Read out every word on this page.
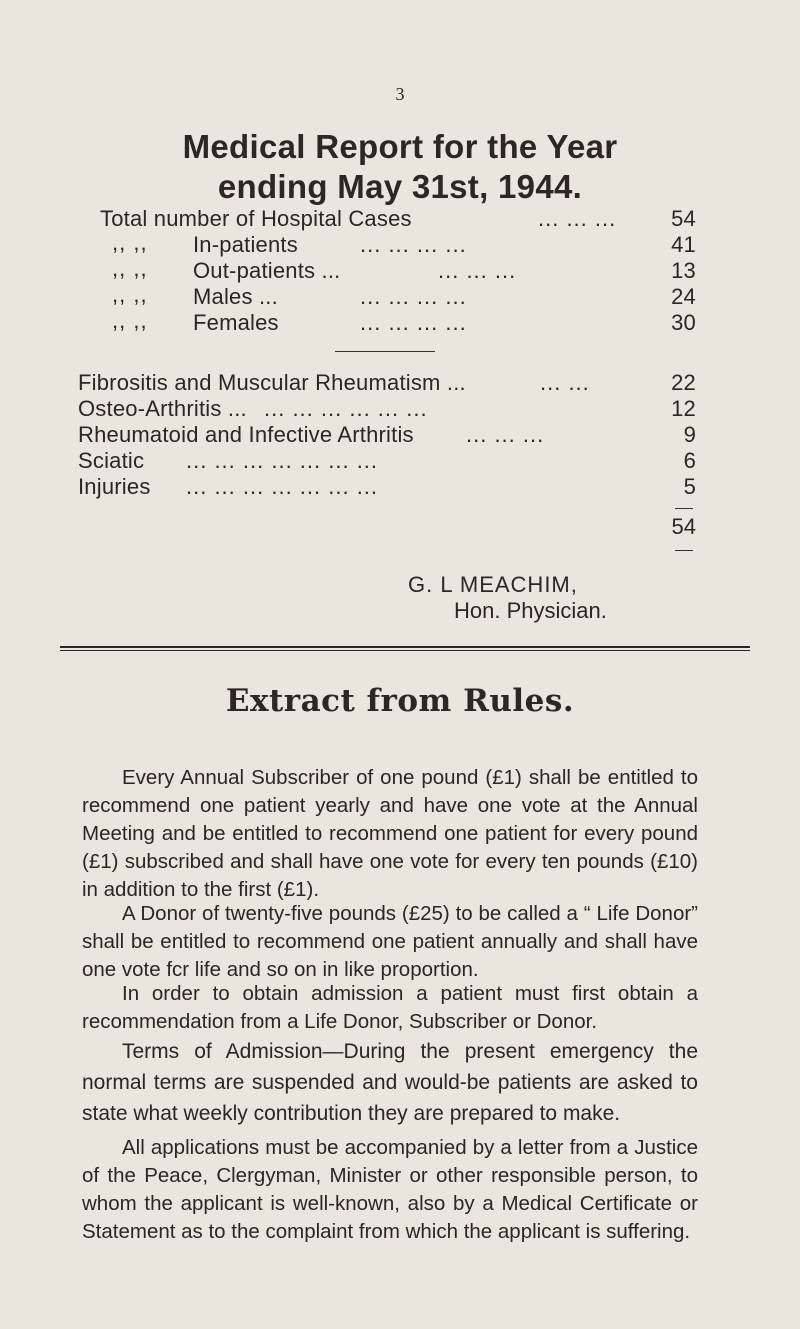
3
Medical Report for the Year
ending May 31st, 1944.
Total number of Hospital Cases	... ... ... 54
,, ,, In-patients	... ... ... ...	41
,, ,, Out-patients ...	... ... ...	13
,, ,, Males ...	... ... ... ...	24
,, ,, Females	... ... ... ...	30
Fibrositis and Muscular Rheumatism ...	... ...	22
Osteo-Arthritis ... ... ... ... ... ... ...	12
Rheumatoid and Infective Arthritis ... ... ...	9
Sciatic ... ... ... ... ... ... ...	6
Injuries ... ... ... ... ... ... ...	5
54
G. L MEACHIM,
Hon. Physician.
Extract from Rules.
Every Annual Subscriber of one pound (£1) shall be entitled to recommend one patient yearly and have one vote at the Annual Meeting and be entitled to recommend one patient for every pound (£1) subscribed and shall have one vote for every ten pounds (£10) in addition to the first (£1).
A Donor of twenty-five pounds (£25) to be called a “ Life Donor” shall be entitled to recommend one patient annually and shall have one vote fcr life and so on in like proportion.
In order to obtain admission a patient must first obtain a recommendation from a Life Donor, Subscriber or Donor.
Terms of Admission—During the present emergency the normal terms are suspended and would-be patients are asked to state what weekly contribution they are prepared to make.
All applications must be accompanied by a letter from a Justice of the Peace, Clergyman, Minister or other responsible person, to whom the applicant is well-known, also by a Medical Certificate or Statement as to the complaint from which the applicant is suffering.
